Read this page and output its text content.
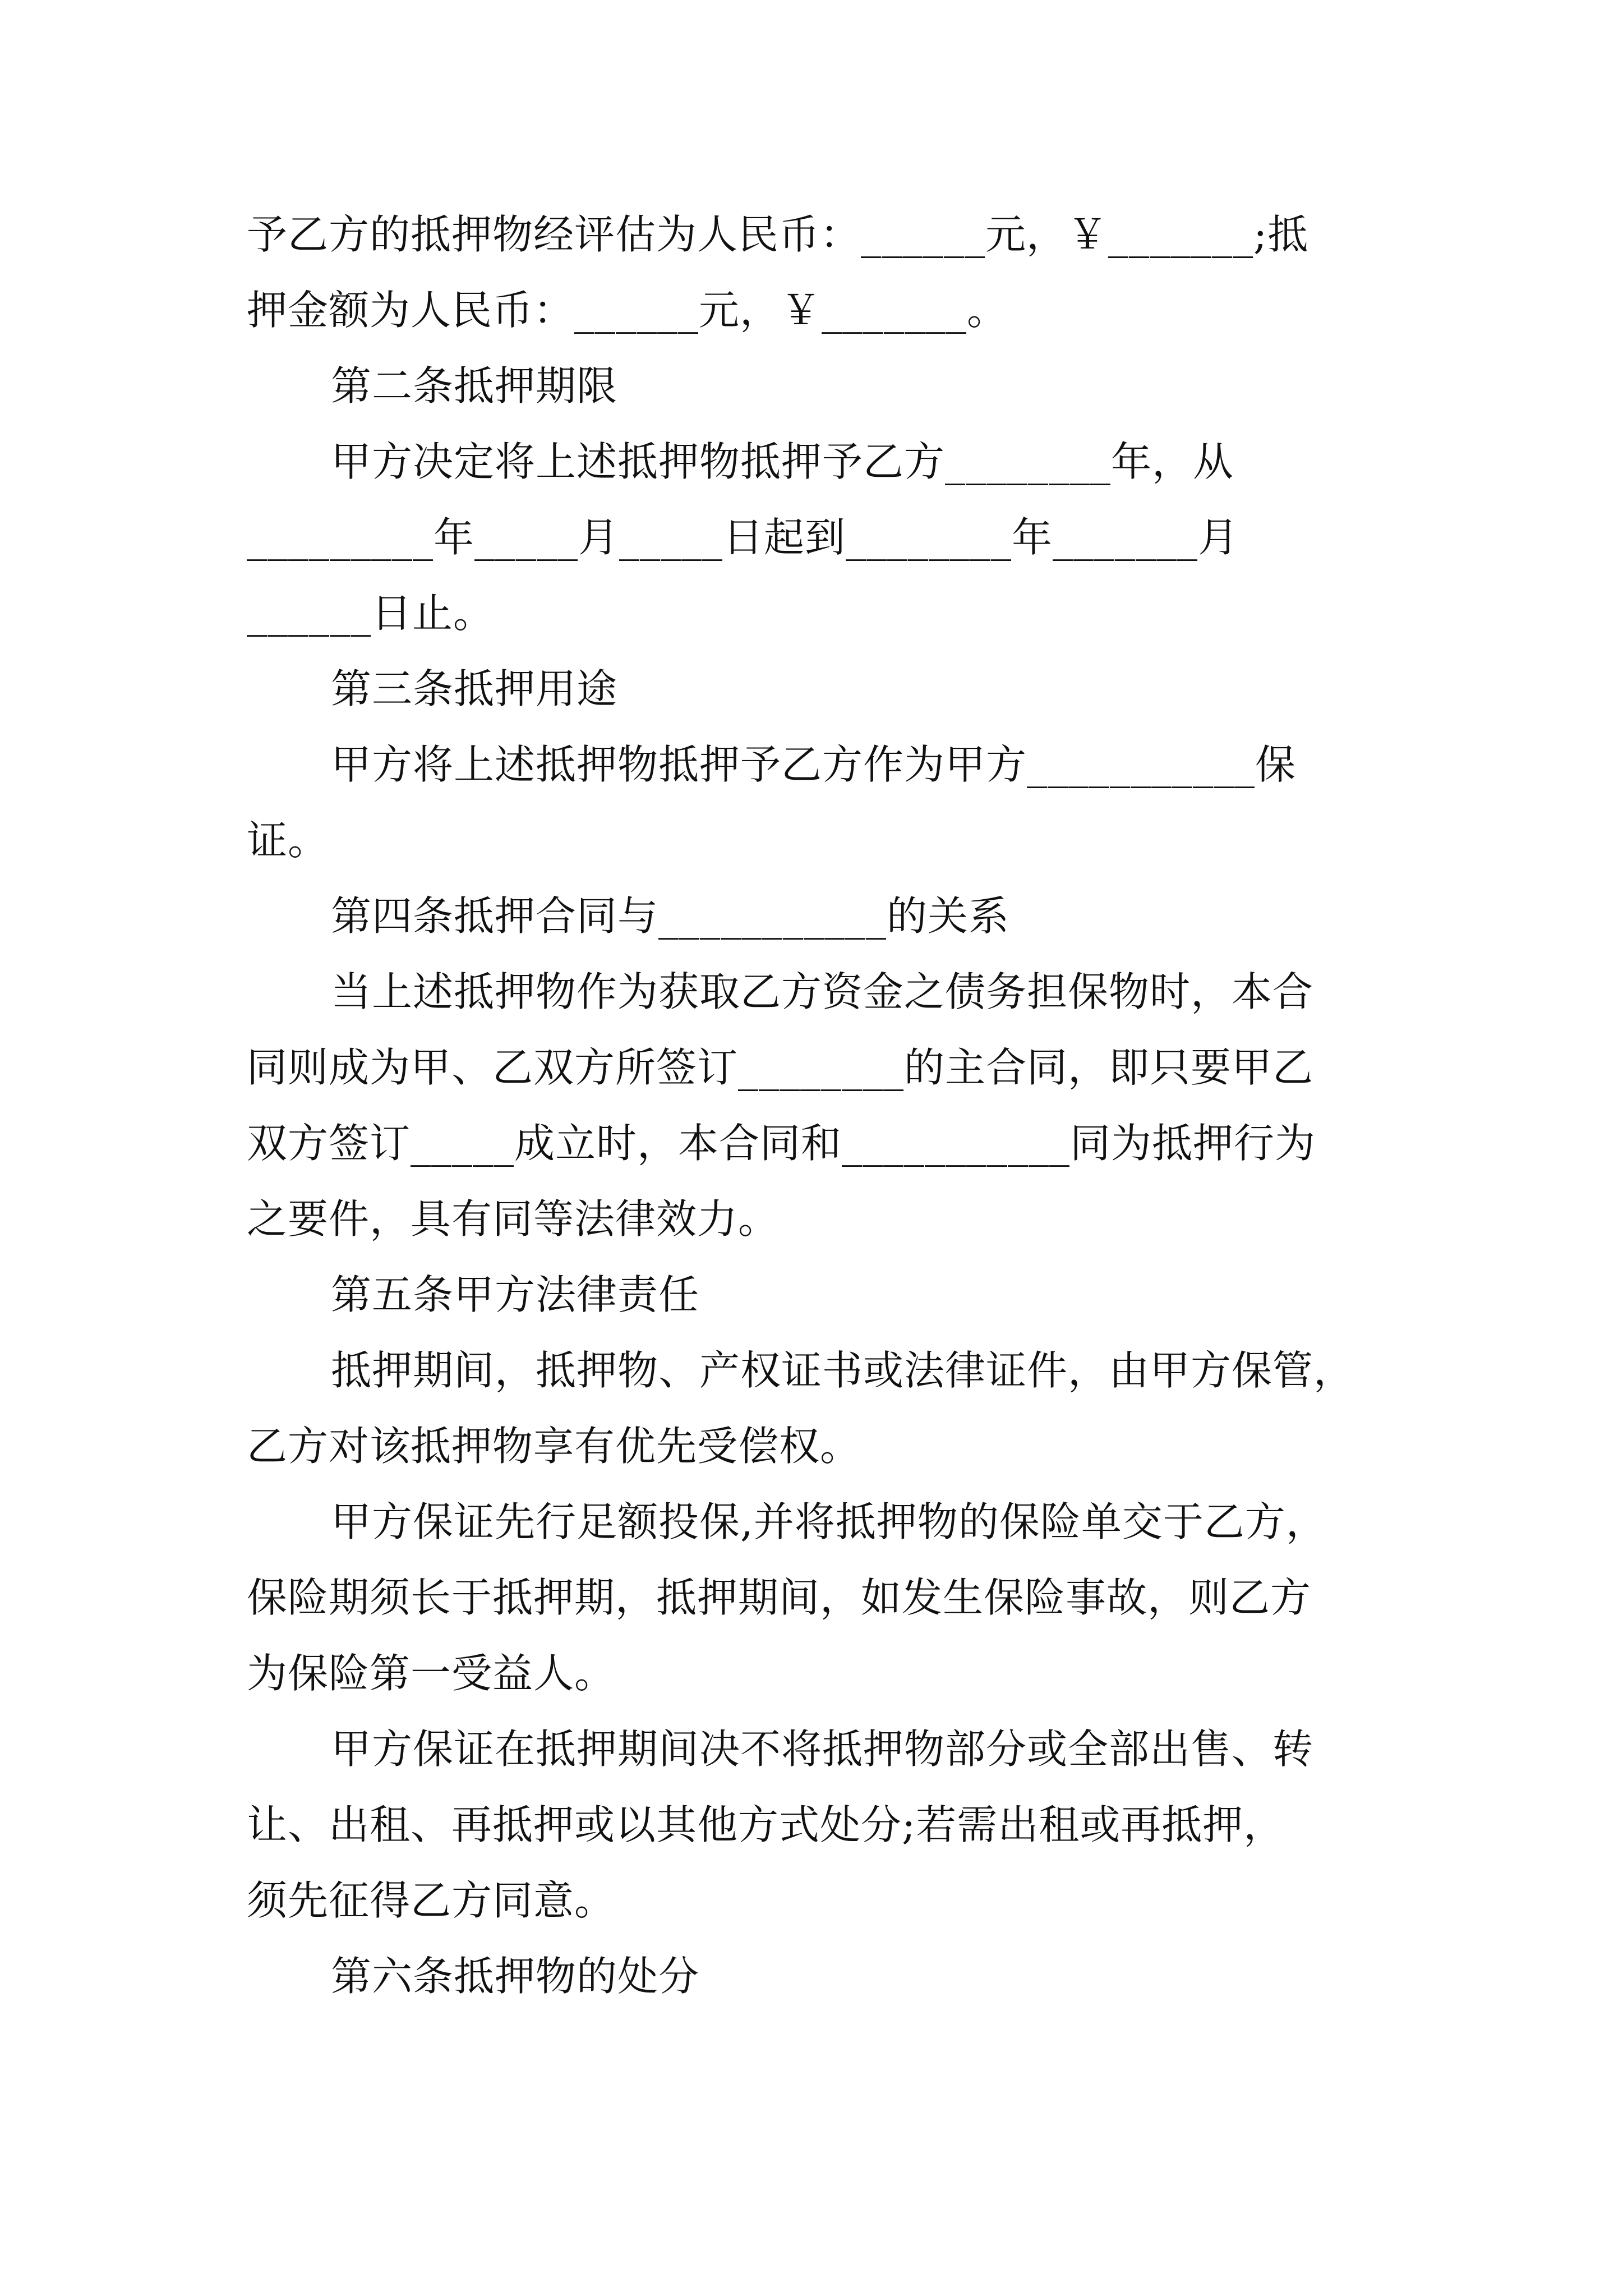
予乙方的抵押物经评估为人民币：______元，￥_______;抵
押金额为人民币：______元，￥_______。
第二条抵押期限
甲方决定将上述抵押物抵押予乙方________年，从
_________年_____月_____日起到________年_______月
______日止。
第三条抵押用途
甲方将上述抵押物抵押予乙方作为甲方___________保
证。
第四条抵押合同与___________的关系
当上述抵押物作为获取乙方资金之债务担保物时，本合
同则成为甲、乙双方所签订________的主合同，即只要甲乙
双方签订_____成立时，本合同和___________同为抵押行为
之要件，具有同等法律效力。
第五条甲方法律责任
抵押期间，抵押物、产权证书或法律证件，由甲方保管，
乙方对该抵押物享有优先受偿权。
甲方保证先行足额投保,并将抵押物的保险单交于乙方，
保险期须长于抵押期，抵押期间，如发生保险事故，则乙方
为保险第一受益人。
甲方保证在抵押期间决不将抵押物部分或全部出售、转
让、出租、再抵押或以其他方式处分;若需出租或再抵押，
须先征得乙方同意。
第六条抵押物的处分
